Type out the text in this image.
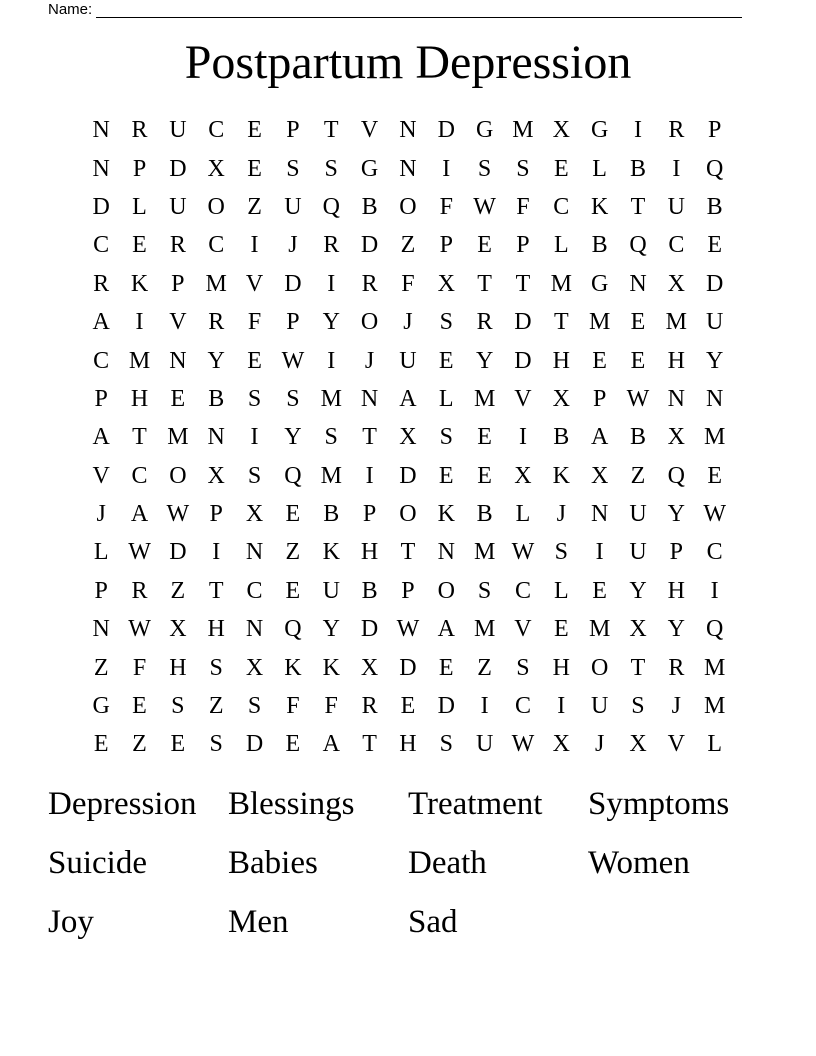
Name:
Postpartum Depression
N R U C E	P	T V N D G M X G	I	R P
N P D X E	S	S G N	I	S	S	E L B	I	Q
D L U O Z U Q B O F W F C K T U B
C E R C	I	J	R D Z	P	E	P	L B Q C E
R K P M V D	I	R F X T T M G N X D
A	I	V R F	P Y O	J	S R D T M E M U
C M N Y E W I	J	U E Y D H E E H Y
P H E B S	S M N A L M V X P W N N
A T M N	I	Y S	T X S	E	I	B A B X M
V C O X S Q M I	D E E X K X Z Q E
J	A W P X E B P O K B L	J	N U Y W
L W D	I	N Z K H T N M W S	I	U P C
P R Z T C E U B P O S C L E Y H	I
N W X H N Q Y D W A M V E M X Y Q
Z	F H S X K K X D E Z	S H O T R M
G E	S	Z	S	F	F R E D	I	C	I	U S	J M
E Z E	S D E A T H S U W X	J	X V L
Depression Blessings	Treatment	Symptoms
Suicide	Babies	Death	Women
Joy	Men	Sad
